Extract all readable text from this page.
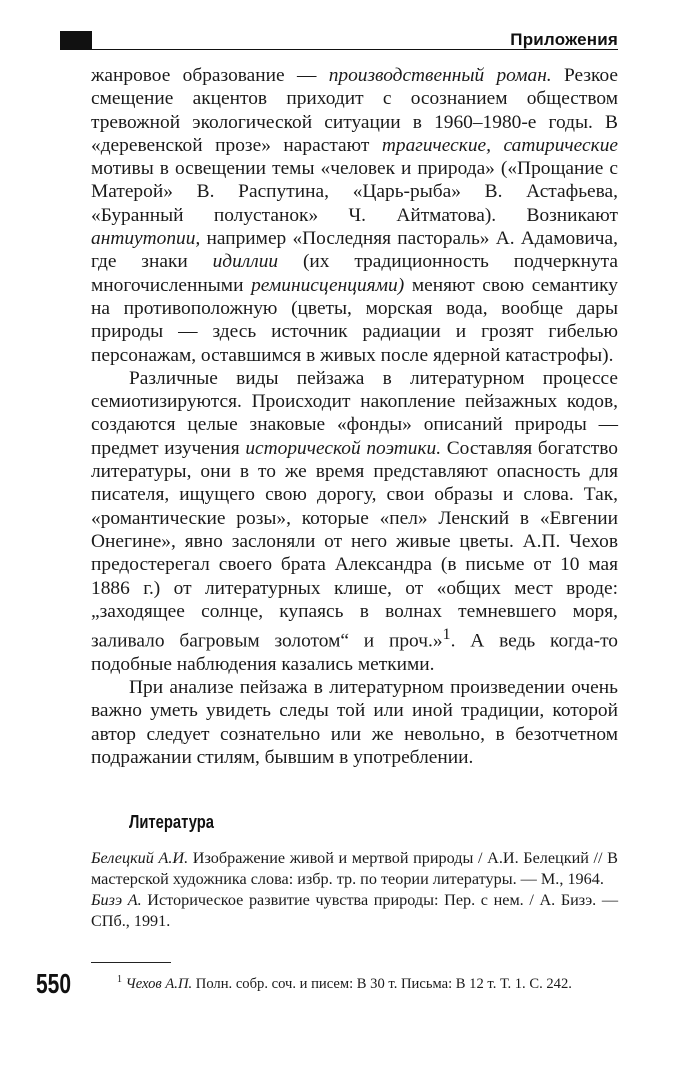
Приложения

жанровое образование — производственный роман. Резкое смещение акцентов приходит с осознанием обществом тревожной экологической ситуации в 1960–1980-е годы. В «деревенской прозе» нарастают трагические, сатирические мотивы в освещении темы «человек и природа» («Прощание с Матерой» В. Распутина, «Царь-рыба» В. Астафьева, «Буранный полустанок» Ч. Айтматова). Возникают антиутопии, например «Последняя пастораль» А. Адамовича, где знаки идиллии (их традиционность подчеркнута многочисленными реминисценциями) меняют свою семантику на противоположную (цветы, морская вода, вообще дары природы — здесь источник радиации и грозят гибелью персонажам, оставшимся в живых после ядерной катастрофы).

Различные виды пейзажа в литературном процессе семиотизируются. Происходит накопление пейзажных кодов, создаются целые знаковые «фонды» описаний природы — предмет изучения исторической поэтики. Составляя богатство литературы, они в то же время представляют опасность для писателя, ищущего свою дорогу, свои образы и слова. Так, «романтические розы», которые «пел» Ленский в «Евгении Онегине», явно заслоняли от него живые цветы. А.П. Чехов предостерегал своего брата Александра (в письме от 10 мая 1886 г.) от литературных клише, от «общих мест вроде: „заходящее солнце, купаясь в волнах темневшего моря, заливало багровым золотом“ и проч.»$^1$. А ведь когда-то подобные наблюдения казались меткими.

При анализе пейзажа в литературном произведении очень важно уметь увидеть следы той или иной традиции, которой автор следует сознательно или же невольно, в безотчетном подражании стилям, бывшим в употреблении.

Литература

Белецкий А.И. Изображение живой и мертвой природы / А.И. Белецкий // В мастерской художника слова: избр. тр. по теории литературы. — М., 1964.

Бизэ А. Историческое развитие чувства природы: Пер. с нем. / А. Бизэ. — СПб., 1991.

550	$^1$ Чехов А.П. Полн. собр. соч. и писем: В 30 т. Письма: В 12 т. Т. 1. С. 242.
